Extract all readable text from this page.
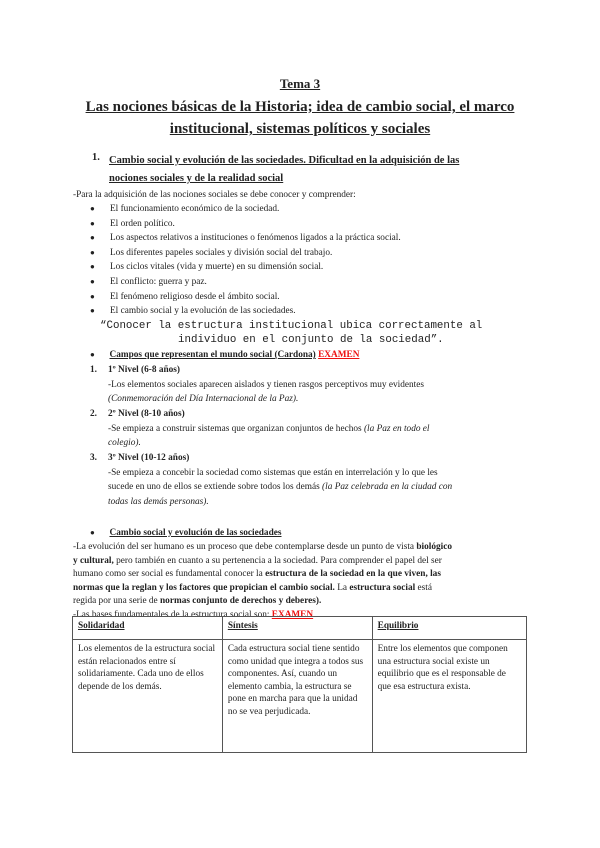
Tema 3
Las nociones básicas de la Historia; idea de cambio social, el marco
institucional, sistemas políticos y sociales
1. Cambio social y evolución de las sociedades. Dificultad en la adquisición de las
nociones sociales y de la realidad social
-Para la adquisición de las nociones sociales se debe conocer y comprender:
● El funcionamiento económico de la sociedad.
● El orden político.
● Los aspectos relativos a instituciones o fenómenos ligados a la práctica social.
● Los diferentes papeles sociales y división social del trabajo.
● Los ciclos vitales (vida y muerte) en su dimensión social.
● El conflicto: guerra y paz.
● El fenómeno religioso desde el ámbito social.
● El cambio social y la evolución de las sociedades.
“Conocer la estructura institucional ubica correctamente al
individuo en el conjunto de la sociedad”.
● Campos que representan el mundo social (Cardona) EXAMEN
1. 1º Nivel (6-8 años)
-Los elementos sociales aparecen aislados y tienen rasgos perceptivos muy evidentes
(Conmemoración del Día Internacional de la Paz).
2. 2º Nivel (8-10 años)
-Se empieza a construir sistemas que organizan conjuntos de hechos (la Paz en todo el
colegio).
3. 3º Nivel (10-12 años)
-Se empieza a concebir la sociedad como sistemas que están en interrelación y lo que les
sucede en uno de ellos se extiende sobre todos los demás (la Paz celebrada en la ciudad con
todas las demás personas).
● Cambio social y evolución de las sociedades
-La evolución del ser humano es un proceso que debe contemplarse desde un punto de vista biológico
y cultural, pero también en cuanto a su pertenencia a la sociedad. Para comprender el papel del ser
humano como ser social es fundamental conocer la estructura de la sociedad en la que viven, las
normas que la reglan y los factores que propician el cambio social. La estructura social está
regida por una serie de normas conjunto de derechos y deberes).
-Las bases fundamentales de la estructura social son: EXAMEN
Solidaridad	Síntesis	Equilibrio
Los elementos de la estructura social están relacionados entre sí solidariamente. Cada uno de ellos depende de los demás.	Cada estructura social tiene sentido como unidad que integra a todos sus componentes. Así, cuando un elemento cambia, la estructura se pone en marcha para que la unidad no se vea perjudicada.	Entre los elementos que componen una estructura social existe un equilibrio que es el responsable de que esa estructura exista.
